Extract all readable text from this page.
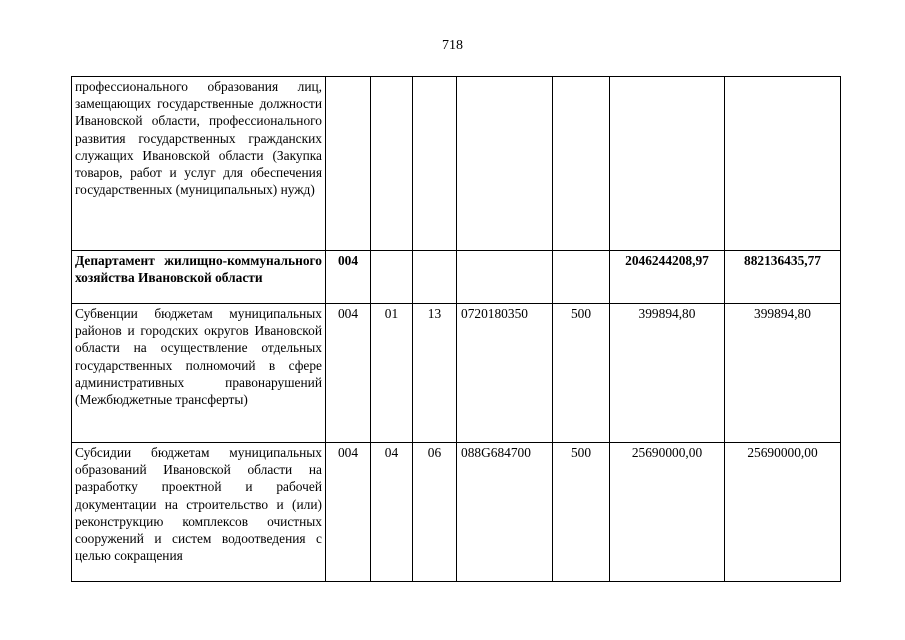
718
профессионального образования лиц, замещающих государственные должности Ивановской области, профессионального развития государственных гражданских служащих Ивановской области (Закупка товаров, работ и услуг для обеспечения государственных (муниципальных) нужд)							
Департамент жилищно-коммунального хозяйства Ивановской области	004					2046244208,97	882136435,77
Субвенции бюджетам муниципальных районов и городских округов Ивановской области на осуществление отдельных государственных полномочий в сфере административных правонарушений (Межбюджетные трансферты)	004	01	13	0720180350	500	399894,80	399894,80
Субсидии бюджетам муниципальных образований Ивановской области на разработку проектной и рабочей документации на строительство и (или) реконструкцию комплексов очистных сооружений и систем водоотведения с целью сокращения	004	04	06	088G684700	500	25690000,00	25690000,00
